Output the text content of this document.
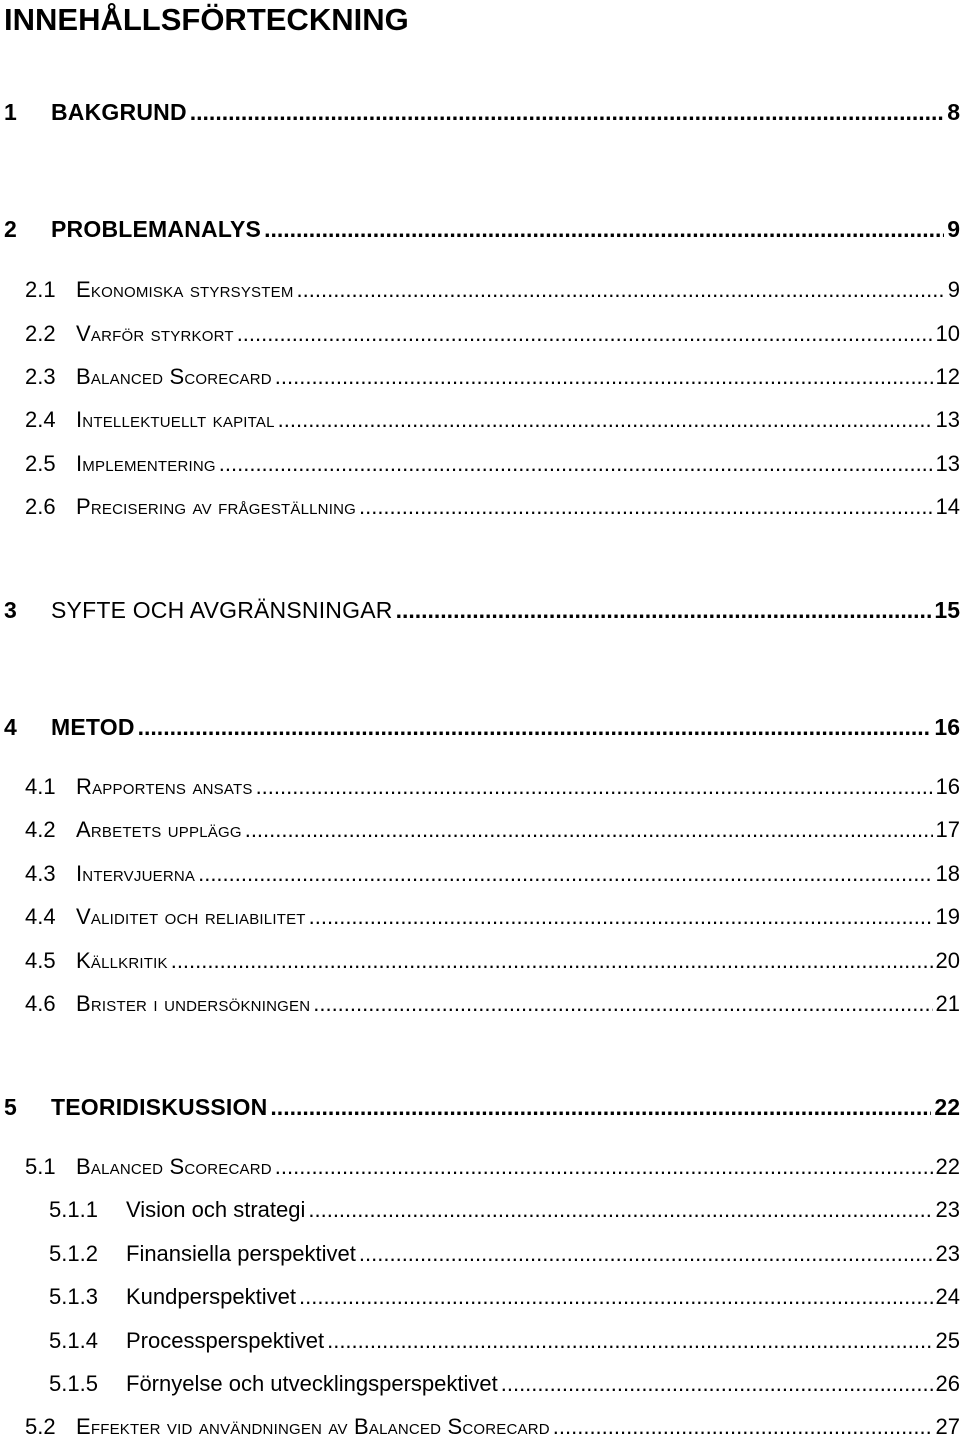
INNEHÅLLSFÖRTECKNING
1	BAKGRUND .....	8
2	PROBLEMANALYS .....	9
2.1 Ekonomiska styrsystem .....	9
2.2 Varför styrkort .....	10
2.3 Balanced Scorecard .....	12
2.4 Intellektuellt kapital .....	13
2.5 Implementering .....	13
2.6 Precisering av frågeställning .....	14
3	SYFTE OCH AVGRÄNSNINGAR .....	15
4	METOD .....	16
4.1 Rapportens ansats .....	16
4.2 Arbetets upplägg .....	17
4.3 Intervjuerna .....	18
4.4 Validitet och reliabilitet .....	19
4.5 Källkritik .....	20
4.6 Brister i undersökningen .....	21
5	TEORIDISKUSSION .....	22
5.1 Balanced Scorecard .....	22
5.1.1	Vision och strategi .....	23
5.1.2	Finansiella perspektivet .....	23
5.1.3	Kundperspektivet .....	24
5.1.4	Processperspektivet .....	25
5.1.5	Förnyelse och utvecklingsperspektivet .....	26
5.2 Effekter vid användningen av Balanced Scorecard .....	27
